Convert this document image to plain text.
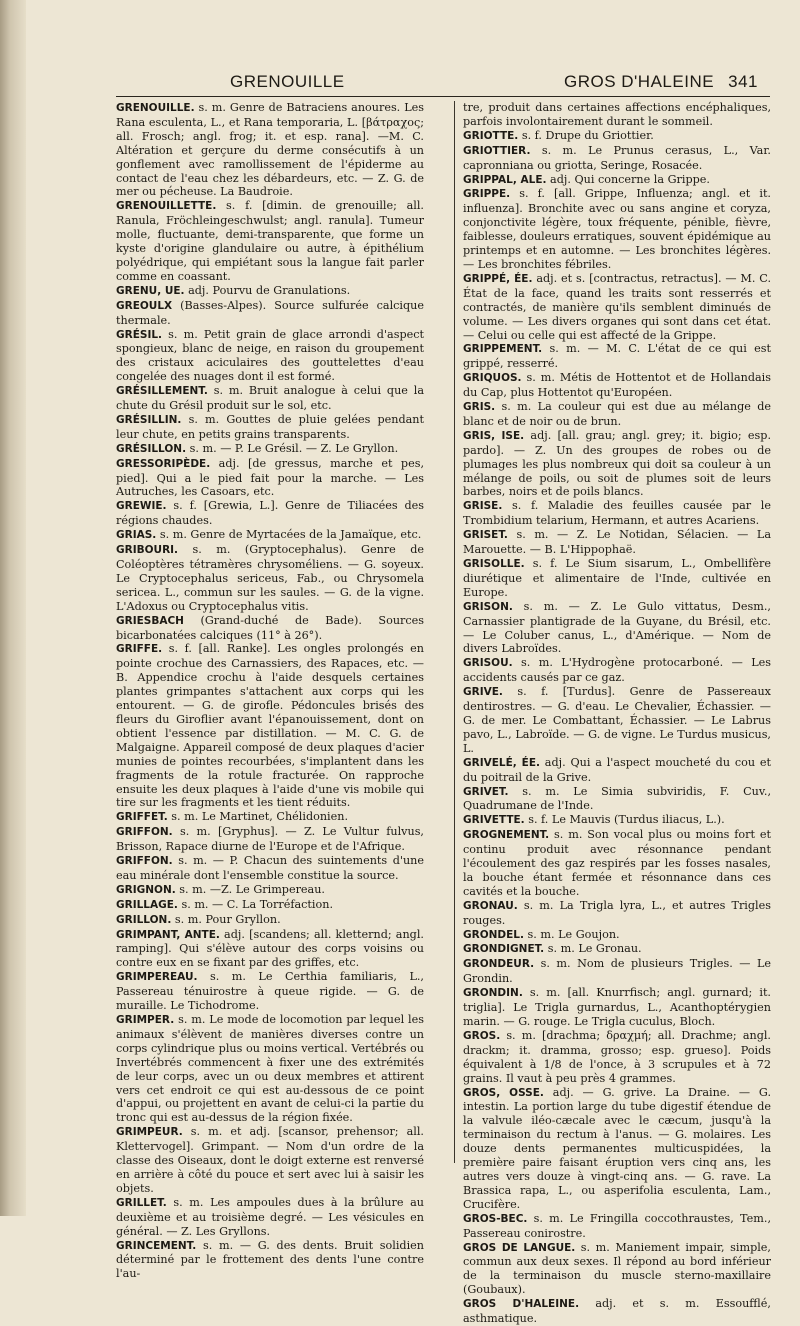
GRENOUILLE	GROS D'HALEINE 341

GRENOUILLE. s. m. Genre de Batraciens anoures. Les Rana esculenta, L., et Rana temporaria, L. [βάτραχος; all. Frosch; angl. frog; it. et esp. rana]. —M. C. Altération et gerçure du derme consécutifs à un gonflement avec ramollissement de l'épiderme au contact de l'eau chez les débardeurs, etc. — Z. G. de mer ou pécheuse. La Baudroie.

GRENOUILLETTE. s. f. [dimin. de grenouille; all. Ranula, Fröchleingeschwulst; angl. ranula]. Tumeur molle, fluctuante, demi-transparente, que forme un kyste d'origine glandulaire ou autre, à épithélium polyédrique, qui empiétant sous la langue fait parler comme en coassant.

GRENU, UE. adj. Pourvu de Granulations.

GREOULX (Basses-Alpes). Source sulfurée calcique thermale.

GRÉSIL. s. m. Petit grain de glace arrondi d'aspect spongieux, blanc de neige, en raison du groupement des cristaux aciculaires des gouttelettes d'eau congelée des nuages dont il est formé.

GRÉSILLEMENT. s. m. Bruit analogue à celui que la chute du Grésil produit sur le sol, etc.

GRÉSILLIN. s. m. Gouttes de pluie gelées pendant leur chute, en petits grains transparents.

GRÉSILLON. s. m. — P. Le Grésil. — Z. Le Gryllon.

GRESSORIPÈDE. adj. [de gressus, marche et pes, pied]. Qui a le pied fait pour la marche. — Les Autruches, les Casoars, etc.

GREWIE. s. f. [Grewia, L.]. Genre de Tiliacées des régions chaudes.

GRIAS. s. m. Genre de Myrtacées de la Jamaïque, etc.

GRIBOURI. s. m. (Gryptocephalus). Genre de Coléoptères tétramères chrysoméliens. — G. soyeux. Le Cryptocephalus sericeus, Fab., ou Chrysomela sericea. L., commun sur les saules. — G. de la vigne. L'Adoxus ou Cryptocephalus vitis.

GRIESBACH (Grand-duché de Bade). Sources bicarbonatées calciques (11° à 26°).

GRIFFE. s. f. [all. Ranke]. Les ongles prolongés en pointe crochue des Carnassiers, des Rapaces, etc. — B. Appendice crochu à l'aide desquels certaines plantes grimpantes s'attachent aux corps qui les entourent. — G. de girofle. Pédoncules brisés des fleurs du Giroflier avant l'épanouissement, dont on obtient l'essence par distillation. — M. C. G. de Malgaigne. Appareil composé de deux plaques d'acier munies de pointes recourbées, s'implantent dans les fragments de la rotule fracturée. On rapproche ensuite les deux plaques à l'aide d'une vis mobile qui tire sur les fragments et les tient réduits.

GRIFFET. s. m. Le Martinet, Chélidonien.

GRIFFON. s. m. [Gryphus]. — Z. Le Vultur fulvus, Brisson, Rapace diurne de l'Europe et de l'Afrique.

GRIFFON. s. m. — P. Chacun des suintements d'une eau minérale dont l'ensemble constitue la source.

GRIGNON. s. m. —Z. Le Grimpereau.

GRILLAGE. s. m. — C. La Torréfaction.

GRILLON. s. m. Pour Gryllon.

GRIMPANT, ANTE. adj. [scandens; all. kletternd; angl. ramping]. Qui s'élève autour des corps voisins ou contre eux en se fixant par des griffes, etc.

GRIMPEREAU. s. m. Le Certhia familiaris, L., Passereau ténuirostre à queue rigide. — G. de muraille. Le Tichodrome.

GRIMPER. s. m. Le mode de locomotion par lequel les animaux s'élèvent de manières diverses contre un corps cylindrique plus ou moins vertical. Vertébrés ou Invertébrés commencent à fixer une des extrémités de leur corps, avec un ou deux membres et attirent vers cet endroit ce qui est au-dessous de ce point d'appui, ou projettent en avant de celui-ci la partie du tronc qui est au-dessus de la région fixée.

GRIMPEUR. s. m. et adj. [scansor, prehensor; all. Klettervogel]. Grimpant. — Nom d'un ordre de la classe des Oiseaux, dont le doigt externe est renversé en arrière à côté du pouce et sert avec lui à saisir les objets.

GRILLET. s. m. Les ampoules dues à la brûlure au deuxième et au troisième degré. — Les vésicules en général. — Z. Les Gryllons.

GRINCEMENT. s. m. — G. des dents. Bruit solidien déterminé par le frottement des dents l'une contre l'au-

tre, produit dans certaines affections encéphaliques, parfois involontairement durant le sommeil.

GRIOTTE. s. f. Drupe du Griottier.

GRIOTTIER. s. m. Le Prunus cerasus, L., Var. capronniana ou griotta, Seringe, Rosacée.

GRIPPAL, ALE. adj. Qui concerne la Grippe.

GRIPPE. s. f. [all. Grippe, Influenza; angl. et it. influenza]. Bronchite avec ou sans angine et coryza, conjonctivite légère, toux fréquente, pénible, fièvre, faiblesse, douleurs erratiques, souvent épidémique au printemps et en automne. — Les bronchites légères. — Les bronchites fébriles.

GRIPPÉ, ÉE. adj. et s. [contractus, retractus]. — M. C. État de la face, quand les traits sont resserrés et contractés, de manière qu'ils semblent diminués de volume. — Les divers organes qui sont dans cet état. — Celui ou celle qui est affecté de la Grippe.

GRIPPEMENT. s. m. — M. C. L'état de ce qui est grippé, resserré.

GRIQUOS. s. m. Métis de Hottentot et de Hollandais du Cap, plus Hottentot qu'Européen.

GRIS. s. m. La couleur qui est due au mélange de blanc et de noir ou de brun.

GRIS, ISE. adj. [all. grau; angl. grey; it. bigio; esp. pardo]. — Z. Un des groupes de robes ou de plumages les plus nombreux qui doit sa couleur à un mélange de poils, ou soit de plumes soit de leurs barbes, noirs et de poils blancs.

GRISE. s. f. Maladie des feuilles causée par le Trombidium telarium, Hermann, et autres Acariens.

GRISET. s. m. — Z. Le Notidan, Sélacien. — La Marouette. — B. L'Hippophaë.

GRISOLLE. s. f. Le Sium sisarum, L., Ombellifère diurétique et alimentaire de l'Inde, cultivée en Europe.

GRISON. s. m. — Z. Le Gulo vittatus, Desm., Carnassier plantigrade de la Guyane, du Brésil, etc. — Le Coluber canus, L., d'Amérique. — Nom de divers Labroïdes.

GRISOU. s. m. L'Hydrogène protocarboné. — Les accidents causés par ce gaz.

GRIVE. s. f. [Turdus]. Genre de Passereaux dentirostres. — G. d'eau. Le Chevalier, Échassier. — G. de mer. Le Combattant, Échassier. — Le Labrus pavo, L., Labroïde. — G. de vigne. Le Turdus musicus, L.

GRIVELÉ, ÉE. adj. Qui a l'aspect moucheté du cou et du poitrail de la Grive.

GRIVET. s. m. Le Simia subviridis, F. Cuv., Quadrumane de l'Inde.

GRIVETTE. s. f. Le Mauvis (Turdus iliacus, L.).

GROGNEMENT. s. m. Son vocal plus ou moins fort et continu produit avec résonnance pendant l'écoulement des gaz respirés par les fosses nasales, la bouche étant fermée et résonnance dans ces cavités et la bouche.

GRONAU. s. m. La Trigla lyra, L., et autres Trigles rouges.

GRONDEL. s. m. Le Goujon.

GRONDIGNET. s. m. Le Gronau.

GRONDEUR. s. m. Nom de plusieurs Trigles. — Le Grondin.

GRONDIN. s. m. [all. Knurrfisch; angl. gurnard; it. triglia]. Le Trigla gurnardus, L., Acanthoptérygien marin. — G. rouge. Le Trigla cuculus, Bloch.

GROS. s. m. [drachma; δραχμή; all. Drachme; angl. drackm; it. dramma, grosso; esp. grueso]. Poids équivalent à 1/8 de l'once, à 3 scrupules et à 72 grains. Il vaut à peu près 4 grammes.

GROS, OSSE. adj. — G. grive. La Draine. — G. intestin. La portion large du tube digestif étendue de la valvule iléo-cæcale avec le cæcum, jusqu'à la terminaison du rectum à l'anus. — G. molaires. Les douze dents permanentes multicuspidées, la première paire faisant éruption vers cinq ans, les autres vers douze à vingt-cinq ans. — G. rave. La Brassica rapa, L., ou asperifolia esculenta, Lam., Crucifère.

GROS-BEC. s. m. Le Fringilla coccothraustes, Tem., Passereau conirostre.

GROS DE LANGUE. s. m. Maniement impair, simple, commun aux deux sexes. Il répond au bord inférieur de la terminaison du muscle sterno-maxillaire (Goubaux).

GROS D'HALEINE. adj. et s. m. Essoufflé, asthmatique.
